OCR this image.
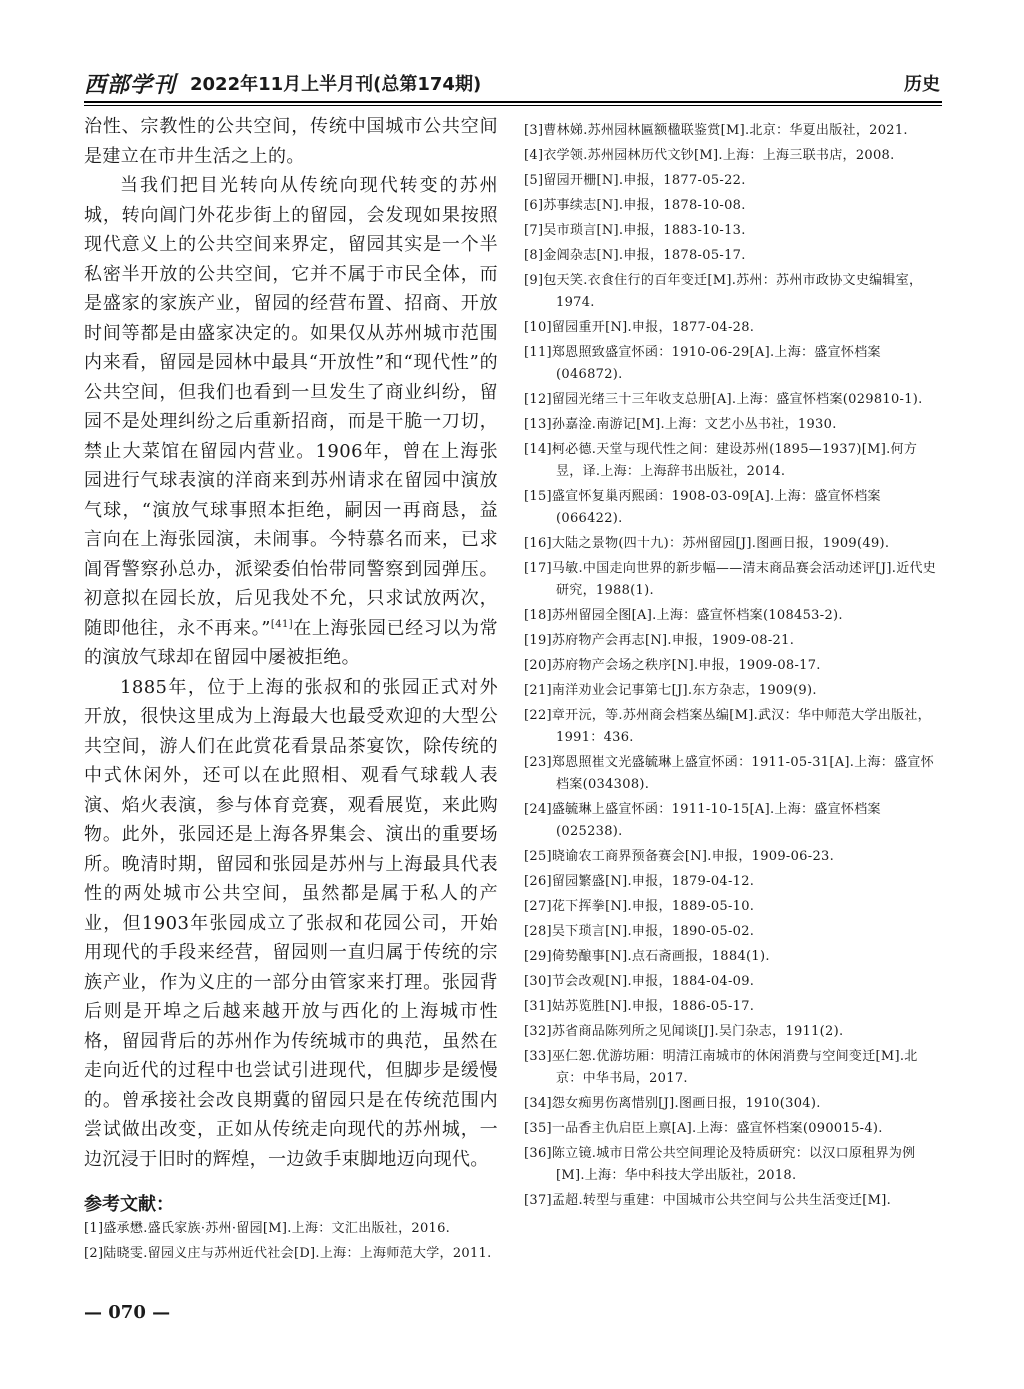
西部学刊 2022年11月上半月刊(总第174期)	历史

治性、宗教性的公共空间，传统中国城市公共空间是建立在市井生活之上的。

当我们把目光转向从传统向现代转变的苏州城，转向阊门外花步街上的留园，会发现如果按照现代意义上的公共空间来界定，留园其实是一个半私密半开放的公共空间，它并不属于市民全体，而是盛家的家族产业，留园的经营布置、招商、开放时间等都是由盛家决定的。如果仅从苏州城市范围内来看，留园是园林中最具“开放性”和“现代性”的公共空间，但我们也看到一旦发生了商业纠纷，留园不是处理纠纷之后重新招商，而是干脆一刀切，禁止大菜馆在留园内营业。1906年，曾在上海张园进行气球表演的洋商来到苏州请求在留园中演放气球，“演放气球事照本拒绝，嗣因一再商恳，益言向在上海张园演，未闹事。今特慕名而来，已求阊胥警察孙总办，派梁委伯怡带同警察到园弹压。初意拟在园长放，后见我处不允，只求试放两次，随即他往，永不再来。”[41]在上海张园已经习以为常的演放气球却在留园中屡被拒绝。

1885年，位于上海的张叔和的张园正式对外开放，很快这里成为上海最大也最受欢迎的大型公共空间，游人们在此赏花看景品茶宴饮，除传统的中式休闲外，还可以在此照相、观看气球载人表演、焰火表演，参与体育竞赛，观看展览，来此购物。此外，张园还是上海各界集会、演出的重要场所。晚清时期，留园和张园是苏州与上海最具代表性的两处城市公共空间，虽然都是属于私人的产业，但1903年张园成立了张叔和花园公司，开始用现代的手段来经营，留园则一直归属于传统的宗族产业，作为义庄的一部分由管家来打理。张园背后则是开埠之后越来越开放与西化的上海城市性格，留园背后的苏州作为传统城市的典范，虽然在走向近代的过程中也尝试引进现代，但脚步是缓慢的。曾承接社会改良期冀的留园只是在传统范围内尝试做出改变，正如从传统走向现代的苏州城，一边沉浸于旧时的辉煌，一边敛手束脚地迈向现代。

参考文献：

[1]盛承懋.盛氏家族·苏州·留园[M].上海：文汇出版社，2016.

[2]陆晓雯.留园义庄与苏州近代社会[D].上海：上海师范大学，2011.

[3]曹林娣.苏州园林匾额楹联鉴赏[M].北京：华夏出版社，2021.

[4]衣学领.苏州园林历代文钞[M].上海：上海三联书店，2008.

[5]留园开栅[N].申报，1877-05-22.

[6]苏事续志[N].申报，1878-10-08.

[7]吴市琐言[N].申报，1883-10-13.

[8]金阊杂志[N].申报，1878-05-17.

[9]包天笑.衣食住行的百年变迁[M].苏州：苏州市政协文史编辑室，1974.

[10]留园重开[N].申报，1877-04-28.

[11]郑恩照致盛宣怀函：1910-06-29[A].上海：盛宣怀档案(046872).

[12]留园光绪三十三年收支总册[A].上海：盛宣怀档案(029810-1).

[13]孙嘉淦.南游记[M].上海：文艺小丛书社，1930.

[14]柯必德.天堂与现代性之间：建设苏州(1895—1937)[M].何方昱，译.上海：上海辞书出版社，2014.

[15]盛宣怀复巢丙熙函：1908-03-09[A].上海：盛宣怀档案(066422).

[16]大陆之景物(四十九)：苏州留园[J].图画日报，1909(49).

[17]马敏.中国走向世界的新步幅——清末商品赛会活动述评[J].近代史研究，1988(1).

[18]苏州留园全图[A].上海：盛宣怀档案(108453-2).

[19]苏府物产会再志[N].申报，1909-08-21.

[20]苏府物产会场之秩序[N].申报，1909-08-17.

[21]南洋劝业会记事第七[J].东方杂志，1909(9).

[22]章开沅，等.苏州商会档案丛编[M].武汉：华中师范大学出版社，1991：436.

[23]郑恩照崔文光盛毓琳上盛宣怀函：1911-05-31[A].上海：盛宣怀档案(034308).

[24]盛毓琳上盛宣怀函：1911-10-15[A].上海：盛宣怀档案(025238).

[25]晓谕农工商界预备赛会[N].申报，1909-06-23.

[26]留园繁盛[N].申报，1879-04-12.

[27]花下挥拳[N].申报，1889-05-10.

[28]吴下琐言[N].申报，1890-05-02.

[29]倚势酿事[N].点石斋画报，1884(1).

[30]节会改观[N].申报，1884-04-09.

[31]姑苏览胜[N].申报，1886-05-17.

[32]苏省商品陈列所之见闻谈[J].吴门杂志，1911(2).

[33]巫仁恕.优游坊厢：明清江南城市的休闲消费与空间变迁[M].北京：中华书局，2017.

[34]怨女痴男伤离惜别[J].图画日报，1910(304).

[35]一品香主仇启臣上禀[A].上海：盛宣怀档案(090015-4).

[36]陈立镜.城市日常公共空间理论及特质研究：以汉口原租界为例[M].上海：华中科技大学出版社，2018.

[37]孟超.转型与重建：中国城市公共空间与公共生活变迁[M].

— 070 —
